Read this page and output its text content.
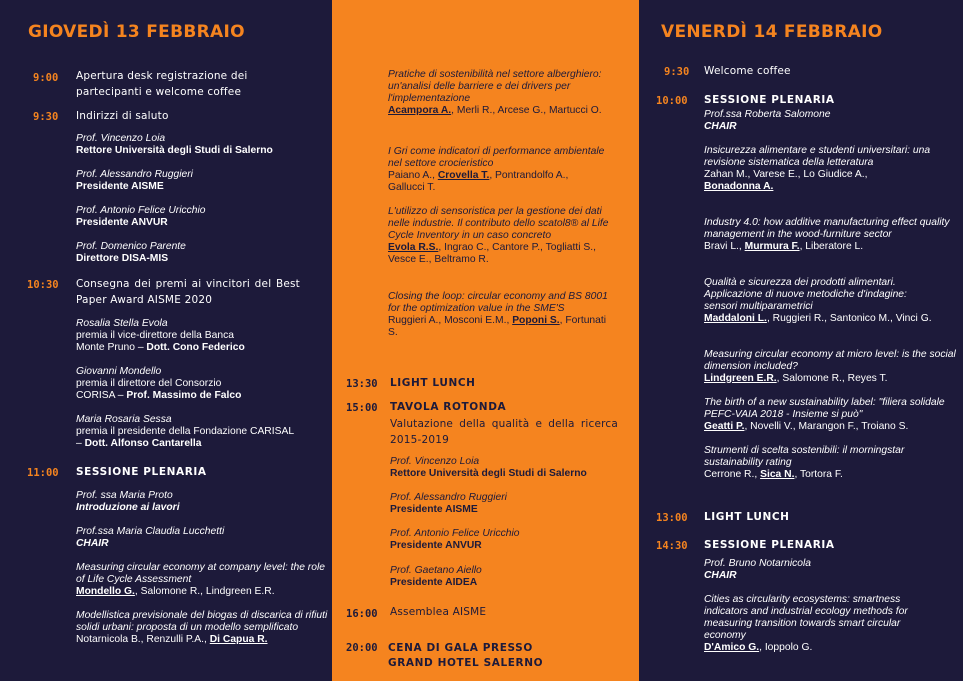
GIOVEDÌ 13 FEBBRAIO
9:00 Apertura desk registrazione dei partecipanti e welcome coffee
9:30 Indirizzi di saluto
Prof. Vincenzo Loia
Rettore Università degli Studi di Salerno
Prof. Alessandro Ruggieri
Presidente AISME
Prof. Antonio Felice Uricchio
Presidente ANVUR
Prof. Domenico Parente
Direttore DISA-MIS
10:30 Consegna dei premi ai vincitori del Best Paper Award AISME 2020
Rosalia Stella Evola
premia il vice-direttore della Banca
Monte Pruno – Dott. Cono Federico
Giovanni Mondello
premia il direttore del Consorzio
CORISA – Prof. Massimo de Falco
Maria Rosaria Sessa
premia il presidente della Fondazione CARISAL
– Dott. Alfonso Cantarella
11:00 SESSIONE PLENARIA
Prof. ssa Maria Proto
Introduzione ai lavori
Prof.ssa Maria Claudia Lucchetti
CHAIR
Measuring circular economy at company level: the role of Life Cycle Assessment
Mondello G., Salomone R., Lindgreen E.R.
Modellistica previsionale del biogas di discarica di rifiuti solidi urbani: proposta di un modello semplificato
Notarnicola B., Renzulli P.A., Di Capua R.
Pratiche di sostenibilità nel settore alberghiero: un'analisi delle barriere e dei drivers per l'implementazione
Acampora A., Merli R., Arcese G., Martucci O.
I Gri come indicatori di performance ambientale nel settore crocieristico
Paiano A., Crovella T., Pontrandolfo A., Gallucci T.
L'utilizzo di sensoristica per la gestione dei dati nelle industrie. Il contributo dello scatol8® al Life Cycle Inventory in un caso concreto
Evola R.S., Ingrao C., Cantore P., Togliatti S., Vesce E., Beltramo R.
Closing the loop: circular economy and BS 8001 for the optimization value in the SME'S
Ruggieri A., Mosconi E.M., Poponi S., Fortunati S.
13:30 LIGHT LUNCH
15:00 TAVOLA ROTONDA
Valutazione della qualità e della ricerca 2015-2019
Prof. Vincenzo Loia
Rettore Università degli Studi di Salerno
Prof. Alessandro Ruggieri
Presidente AISME
Prof. Antonio Felice Uricchio
Presidente ANVUR
Prof. Gaetano Aiello
Presidente AIDEA
16:00 Assemblea AISME
20:00 CENA DI GALA PRESSO
GRAND HOTEL SALERNO
VENERDÌ 14 FEBBRAIO
9:30 Welcome coffee
10:00 SESSIONE PLENARIA
Prof.ssa Roberta Salomone
CHAIR
Insicurezza alimentare e studenti universitari: una revisione sistematica della letteratura
Zahan M., Varese E., Lo Giudice A.,
Bonadonna A.
Industry 4.0: how additive manufacturing effect quality management in the wood-furniture sector
Bravi L., Murmura F., Liberatore L.
Qualità e sicurezza dei prodotti alimentari. Applicazione di nuove metodiche d'indagine: sensori multiparametrici
Maddaloni L., Ruggieri R., Santonico M., Vinci G.
Measuring circular economy at micro level: is the social dimension included?
Lindgreen E.R., Salomone R., Reyes T.
The birth of a new sustainability label: "filiera solidale PEFC-VAIA 2018 - Insieme si può"
Geatti P., Novelli V., Marangon F., Troiano S.
Strumenti di scelta sostenibili: il morningstar sustainability rating
Cerrone R., Sica N., Tortora F.
13:00 LIGHT LUNCH
14:30 SESSIONE PLENARIA
Prof. Bruno Notarnicola
CHAIR
Cities as circularity ecosystems: smartness indicators and industrial ecology methods for measuring transition towards smart circular economy
D'Amico G., Ioppolo G.
